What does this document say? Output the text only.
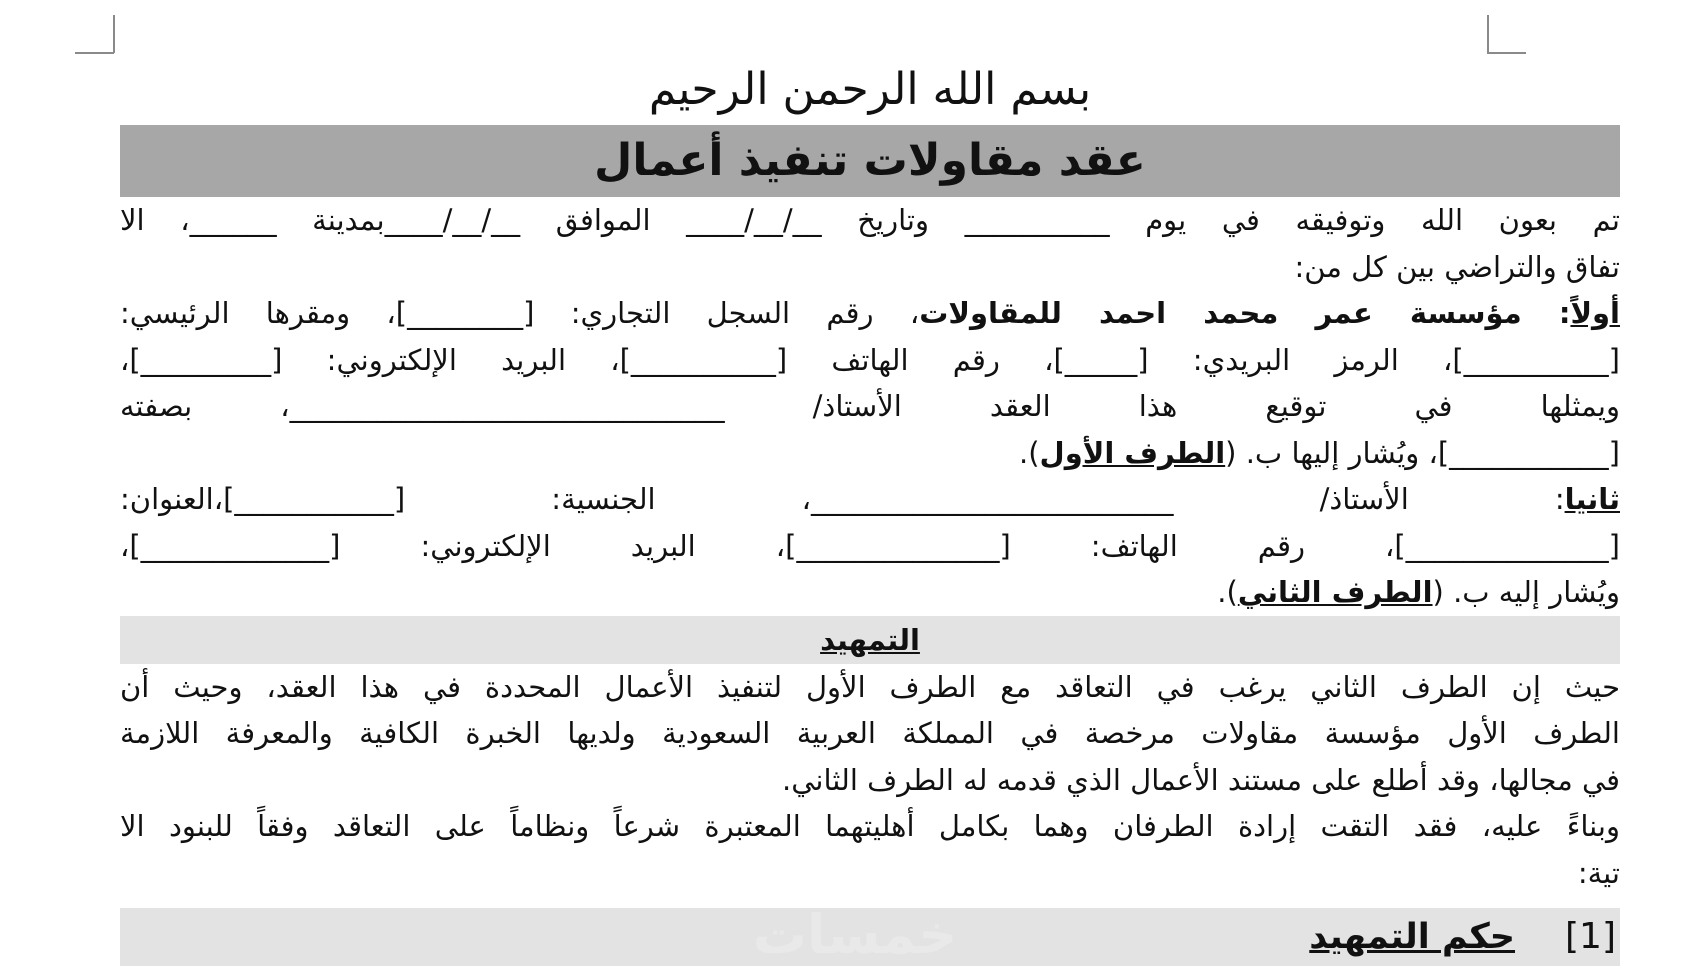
بسم الله الرحمن الرحيم
عقد مقاولات تنفيذ أعمال
تم بعون الله وتوفيقه في يوم __________ وتاريخ __/__/____ الموافق __/__/____بمدينة ______، الا
تفاق والتراضي بين كل من:
أولاً: مؤسسة عمر محمد احمد للمقاولات، رقم السجل التجاري: [________]، ومقرها الرئيسي:
[__________]، الرمز البريدي: [_____]، رقم الهاتف [__________]، البريد الإلكتروني: [_________]،
ويمثلها في توقيع هذا العقد الأستاذ/ ______________________________، بصفته
[___________]، ويُشار إليها ب. (الطرف الأول).
ثانيا: الأستاذ/ _________________________، الجنسية: [___________]،العنوان:
[______________]، رقم الهاتف: [______________]، البريد الإلكتروني: [_____________]،
ويُشار إليه ب. (الطرف الثاني).
التمهيد
حيث إن الطرف الثاني يرغب في التعاقد مع الطرف الأول لتنفيذ الأعمال المحددة في هذا العقد، وحيث أن
الطرف الأول مؤسسة مقاولات مرخصة في المملكة العربية السعودية ولديها الخبرة الكافية والمعرفة اللازمة
في مجالها، وقد أطلع على مستند الأعمال الذي قدمه له الطرف الثاني.
وبناءً عليه، فقد التقت إرادة الطرفان وهما بكامل أهليتهما المعتبرة شرعاً ونظاماً على التعاقد وفقاً للبنود الا
تية:
[1]حكم التمهيد
خمسات
